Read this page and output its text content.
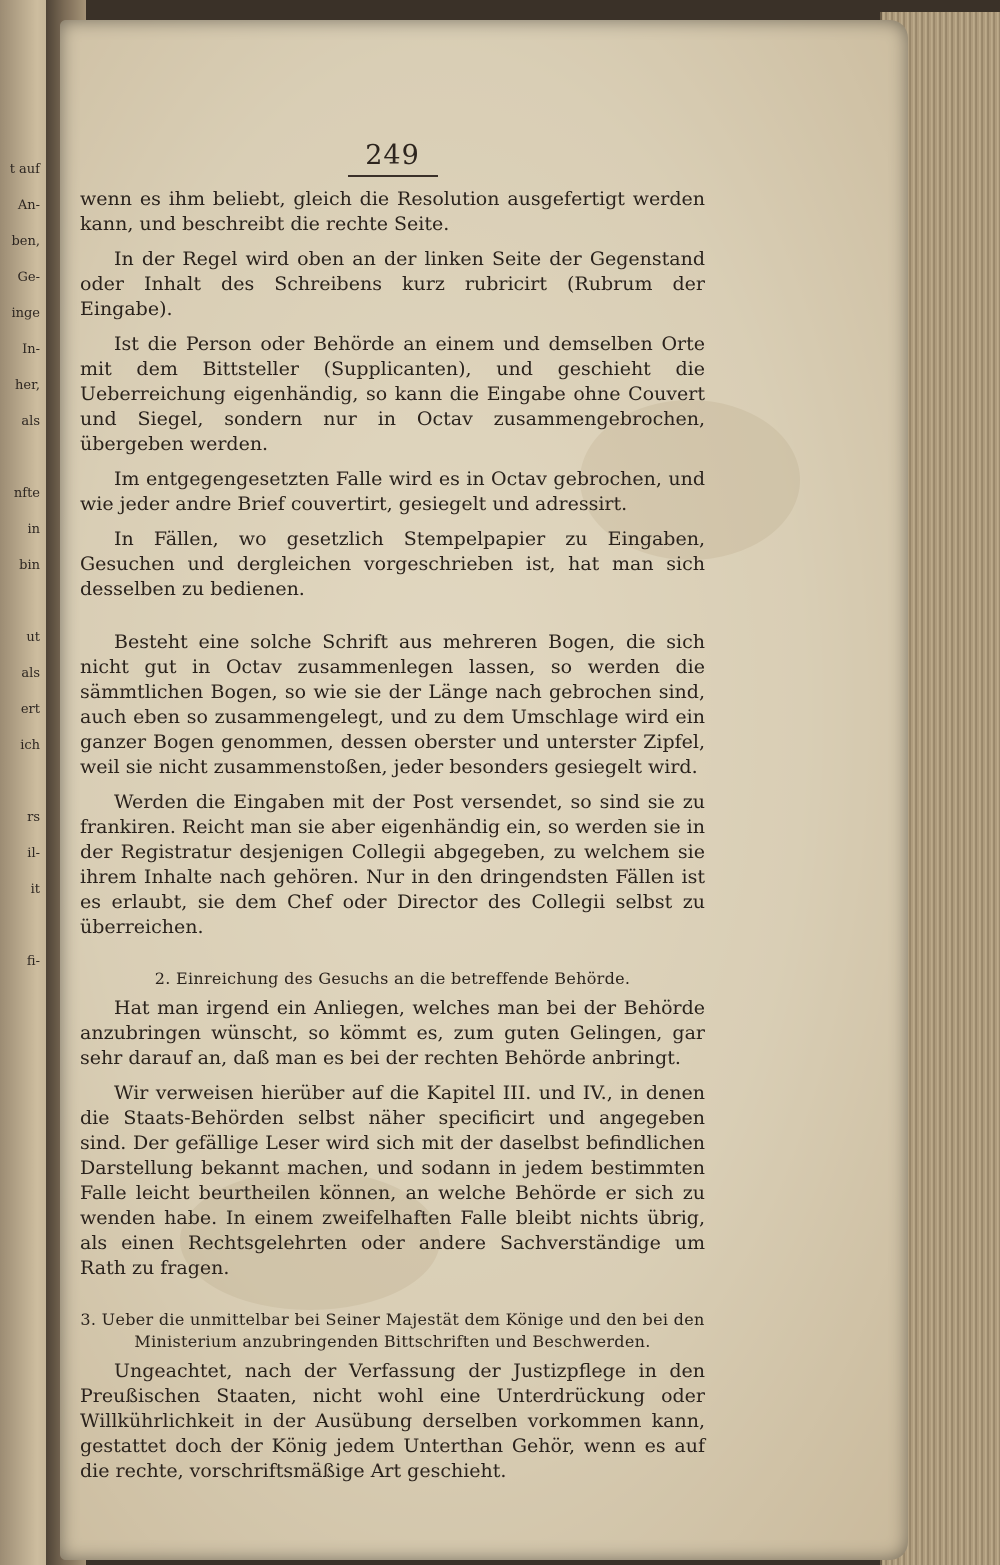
t auf
An-
ben,
Ge-
inge
In-
her,
als
nfte
in
bin
ut
als
ert
ich
rs
il-
it
fi-
249

wenn es ihm beliebt, gleich die Resolution ausgefertigt werden kann, und beschreibt die rechte Seite.

In der Regel wird oben an der linken Seite der Gegenstand oder Inhalt des Schreibens kurz rubricirt (Rubrum der Eingabe).

Ist die Person oder Behörde an einem und demselben Orte mit dem Bittsteller (Supplicanten), und geschieht die Ueberreichung eigenhändig, so kann die Eingabe ohne Couvert und Siegel, sondern nur in Octav zusammengebrochen, übergeben werden.

Im entgegengesetzten Falle wird es in Octav gebrochen, und wie jeder andre Brief couvertirt, gesiegelt und adressirt.

In Fällen, wo gesetzlich Stempelpapier zu Eingaben, Gesuchen und dergleichen vorgeschrieben ist, hat man sich desselben zu bedienen.

Besteht eine solche Schrift aus mehreren Bogen, die sich nicht gut in Octav zusammenlegen lassen, so werden die sämmtlichen Bogen, so wie sie der Länge nach gebrochen sind, auch eben so zusammengelegt, und zu dem Umschlage wird ein ganzer Bogen genommen, dessen oberster und unterster Zipfel, weil sie nicht zusammenstoßen, jeder besonders gesiegelt wird.

Werden die Eingaben mit der Post versendet, so sind sie zu frankiren. Reicht man sie aber eigenhändig ein, so werden sie in der Registratur desjenigen Collegii abgegeben, zu welchem sie ihrem Inhalte nach gehören. Nur in den dringendsten Fällen ist es erlaubt, sie dem Chef oder Director des Collegii selbst zu überreichen.

2. Einreichung des Gesuchs an die betreffende Behörde.

Hat man irgend ein Anliegen, welches man bei der Behörde anzubringen wünscht, so kömmt es, zum guten Gelingen, gar sehr darauf an, daß man es bei der rechten Behörde anbringt.

Wir verweisen hierüber auf die Kapitel III. und IV., in denen die Staats-Behörden selbst näher specificirt und angegeben sind. Der gefällige Leser wird sich mit der daselbst befindlichen Darstellung bekannt machen, und sodann in jedem bestimmten Falle leicht beurtheilen können, an welche Behörde er sich zu wenden habe. In einem zweifelhaften Falle bleibt nichts übrig, als einen Rechtsgelehrten oder andere Sachverständige um Rath zu fragen.

3. Ueber die unmittelbar bei Seiner Majestät dem Könige und den bei den Ministerium anzubringenden Bittschriften und Beschwerden.

Ungeachtet, nach der Verfassung der Justizpflege in den Preußischen Staaten, nicht wohl eine Unterdrückung oder Willkührlichkeit in der Ausübung derselben vorkommen kann, gestattet doch der König jedem Unterthan Gehör, wenn es auf die rechte, vorschriftsmäßige Art geschieht.
